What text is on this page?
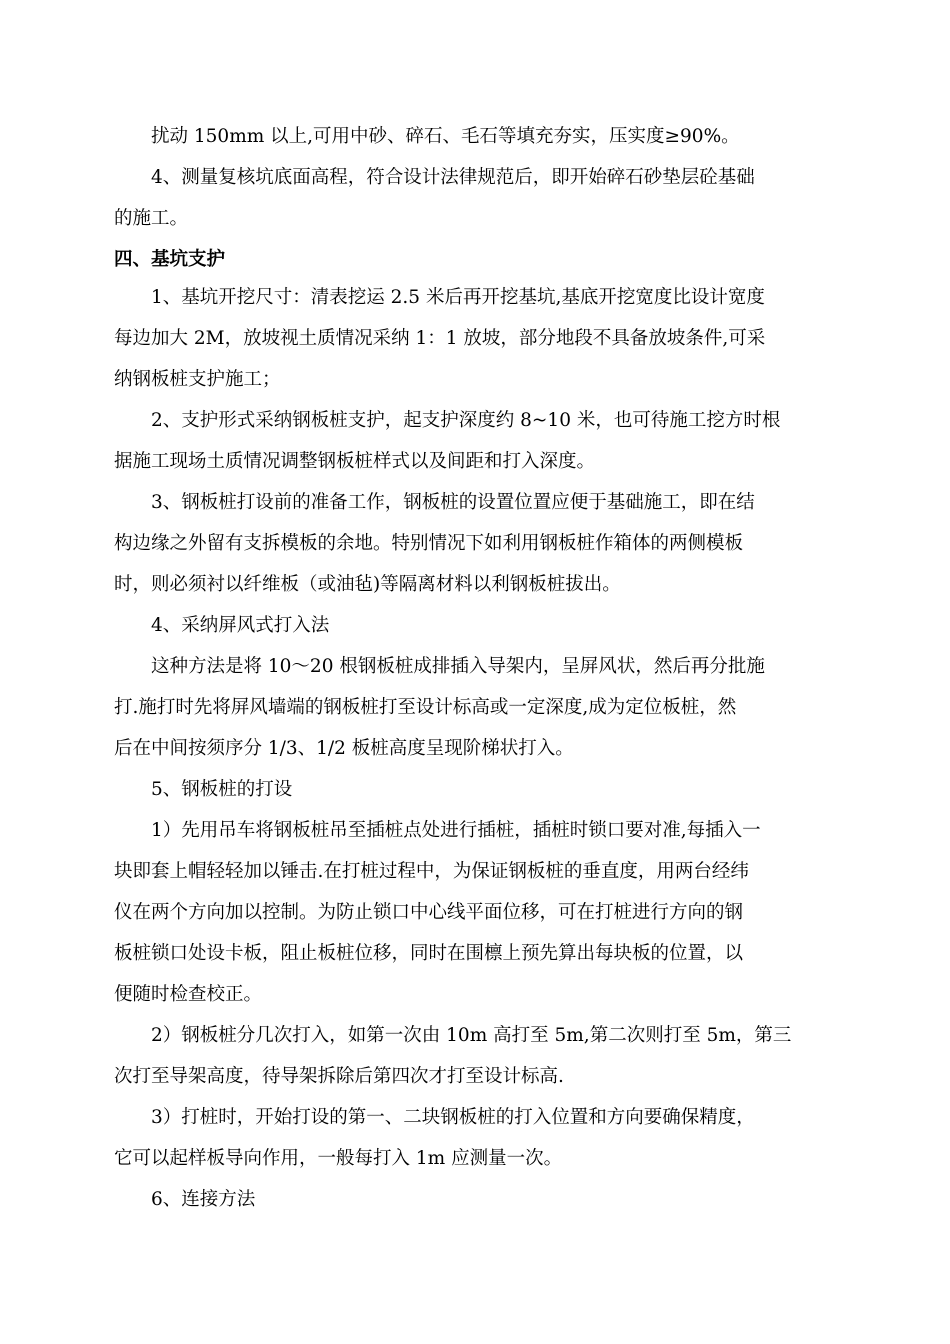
扰动 150mm 以上,可用中砂、碎石、毛石等填充夯实，压实度≥90%。
4、测量复核坑底面高程，符合设计法律规范后，即开始碎石砂垫层砼基础
的施工。
四、基坑支护
1、基坑开挖尺寸：清表挖运 2.5 米后再开挖基坑,基底开挖宽度比设计宽度
每边加大 2M，放坡视土质情况采纳 1：1 放坡，部分地段不具备放坡条件,可采
纳钢板桩支护施工；
2、支护形式采纳钢板桩支护，起支护深度约 8~10 米，也可待施工挖方时根
据施工现场土质情况调整钢板桩样式以及间距和打入深度。
3、钢板桩打设前的准备工作，钢板桩的设置位置应便于基础施工，即在结
构边缘之外留有支拆模板的余地。特别情况下如利用钢板桩作箱体的两侧模板
时，则必须衬以纤维板（或油毡)等隔离材料以利钢板桩拔出。
4、采纳屏风式打入法
这种方法是将 10～20 根钢板桩成排插入导架内，呈屏风状，然后再分批施
打.施打时先将屏风墙端的钢板桩打至设计标高或一定深度,成为定位板桩，然
后在中间按须序分 1/3、1/2 板桩高度呈现阶梯状打入。
5、钢板桩的打设
1）先用吊车将钢板桩吊至插桩点处进行插桩，插桩时锁口要对准,每插入一
块即套上帽轻轻加以锤击.在打桩过程中，为保证钢板桩的垂直度，用两台经纬
仪在两个方向加以控制。为防止锁口中心线平面位移，可在打桩进行方向的钢
板桩锁口处设卡板，阻止板桩位移，同时在围檩上预先算出每块板的位置，以
便随时检查校正。
2）钢板桩分几次打入，如第一次由 10m 高打至 5m,第二次则打至 5m，第三
次打至导架高度，待导架拆除后第四次才打至设计标高.
3）打桩时，开始打设的第一、二块钢板桩的打入位置和方向要确保精度，
它可以起样板导向作用，一般每打入 1m 应测量一次。
6、连接方法
